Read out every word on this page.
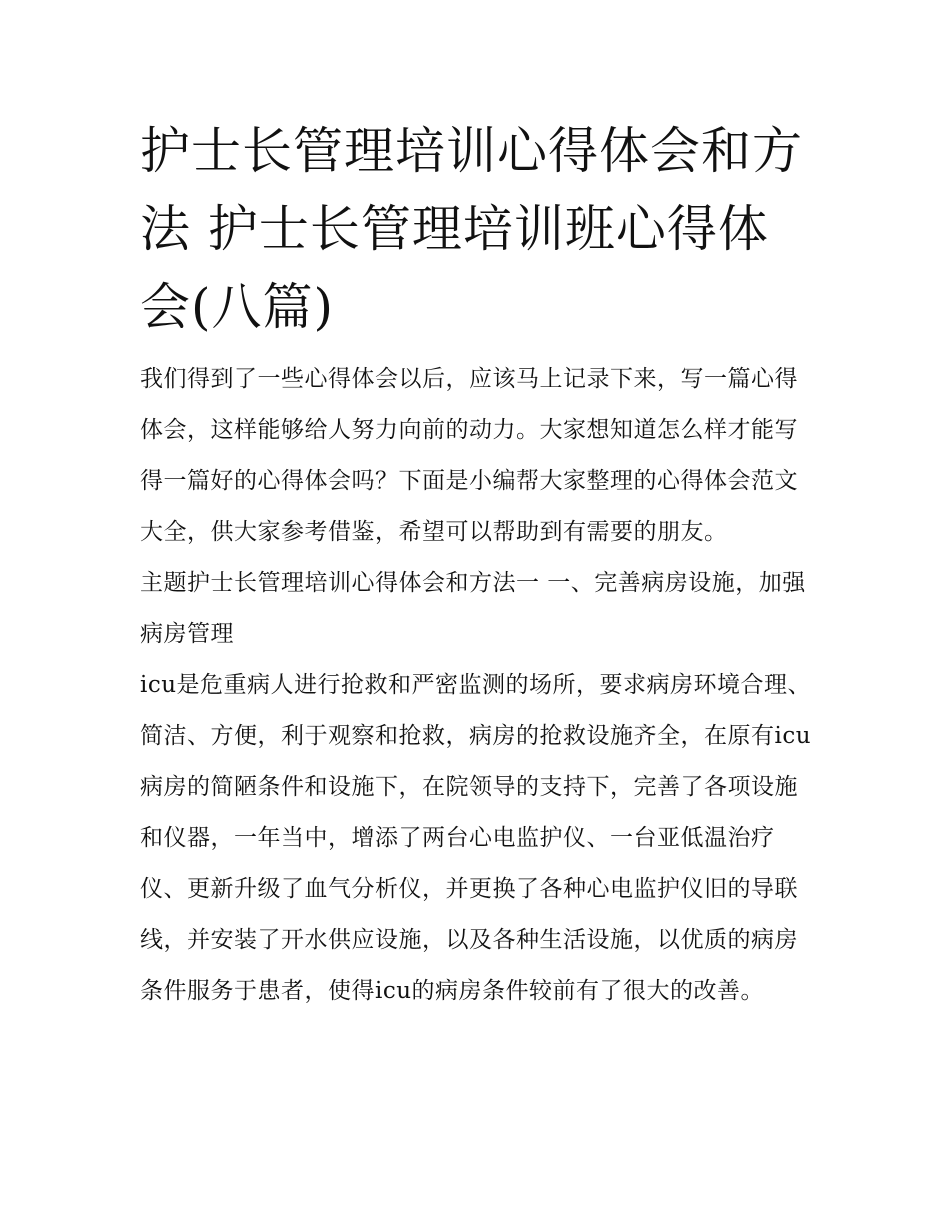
护士长管理培训心得体会和方法 护士长管理培训班心得体会(八篇)

我们得到了一些心得体会以后，应该马上记录下来，写一篇心得体会，这样能够给人努力向前的动力。大家想知道怎么样才能写得一篇好的心得体会吗？下面是小编帮大家整理的心得体会范文大全，供大家参考借鉴，希望可以帮助到有需要的朋友。

主题护士长管理培训心得体会和方法一 一、完善病房设施，加强病房管理

icu是危重病人进行抢救和严密监测的场所，要求病房环境合理、简洁、方便，利于观察和抢救，病房的抢救设施齐全，在原有icu病房的简陋条件和设施下，在院领导的支持下，完善了各项设施和仪器，一年当中，增添了两台心电监护仪、一台亚低温治疗仪、更新升级了血气分析仪，并更换了各种心电监护仪旧的导联线，并安装了开水供应设施，以及各种生活设施，以优质的病房条件服务于患者，使得icu的病房条件较前有了很大的改善。
